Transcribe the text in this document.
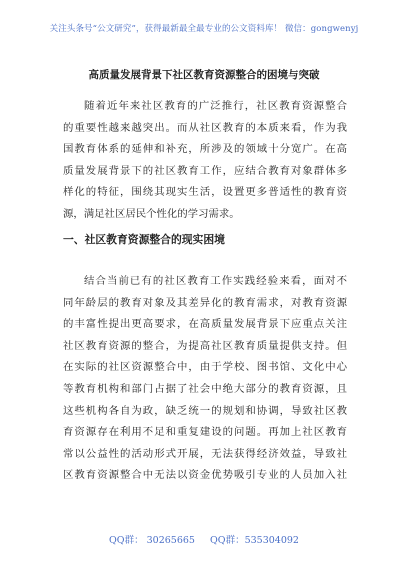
关注头条号“公文研究”，获得最新最全最专业的公文资料库！ 微信：gongwenyj
高质量发展背景下社区教育资源整合的困境与突破
随着近年来社区教育的广泛推行，社区教育资源整合
的重要性越来越突出。而从社区教育的本质来看，作为我
国教育体系的延伸和补充，所涉及的领域十分宽广。在高
质量发展背景下的社区教育工作，应结合教育对象群体多
样化的特征，围绕其现实生活，设置更多普适性的教育资
源，满足社区居民个性化的学习需求。
一、社区教育资源整合的现实困境
结合当前已有的社区教育工作实践经验来看，面对不
同年龄层的教育对象及其差异化的教育需求，对教育资源
的丰富性提出更高要求，在高质量发展背景下应重点关注
社区教育资源的整合，为提高社区教育质量提供支持。但
在实际的社区资源整合中，由于学校、图书馆、文化中心
等教育机构和部门占据了社会中绝大部分的教育资源，且
这些机构各自为政，缺乏统一的规划和协调，导致社区教
育资源存在利用不足和重复建设的问题。再加上社区教育
常以公益性的活动形式开展，无法获得经济效益，导致社
区教育资源整合中无法以资金优势吸引专业的人员加入社
QQ群： 30265665 QQ群：535304092
